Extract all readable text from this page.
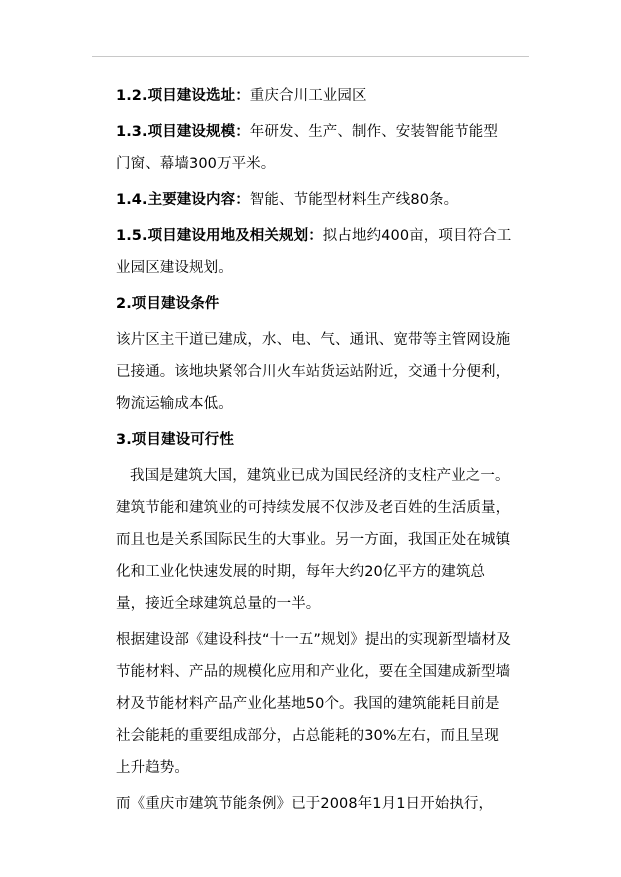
1.2.项目建设选址：重庆合川工业园区

1.3.项目建设规模：年研发、生产、制作、安装智能节能型门窗、幕墙300万平米。

1.4.主要建设内容：智能、节能型材料生产线80条。

1.5.项目建设用地及相关规划：拟占地约400亩，项目符合工业园区建设规划。

2.项目建设条件

该片区主干道已建成，水、电、气、通讯、宽带等主管网设施已接通。该地块紧邻合川火车站货运站附近，交通十分便利，物流运输成本低。

3.项目建设可行性

我国是建筑大国，建筑业已成为国民经济的支柱产业之一。建筑节能和建筑业的可持续发展不仅涉及老百姓的生活质量，而且也是关系国际民生的大事业。另一方面，我国正处在城镇化和工业化快速发展的时期，每年大约20亿平方的建筑总量，接近全球建筑总量的一半。

根据建设部《建设科技“十一五”规划》提出的实现新型墙材及节能材料、产品的规模化应用和产业化，要在全国建成新型墙材及节能材料产品产业化基地50个。我国的建筑能耗目前是社会能耗的重要组成部分，占总能耗的30%左右，而且呈现上升趋势。

而《重庆市建筑节能条例》已于2008年1月1日开始执行，
